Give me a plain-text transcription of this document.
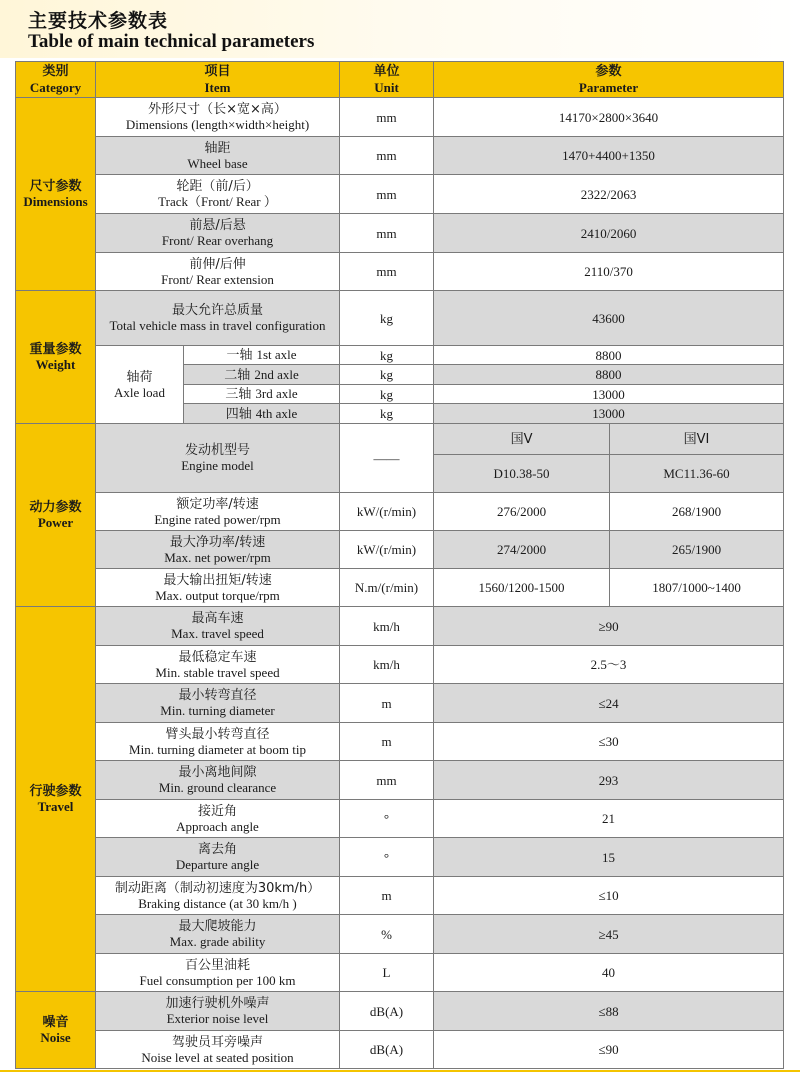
主要技术参数表
Table of main technical parameters
类别
Category	项目
Item		单位
Unit	参数
Parameter	

尺寸参数
Dimensions	外形尺寸（长×宽×高）
Dimensions (length×width×height)		mm	14170×2800×3640	

	轴距
Wheel base		mm	1470+4400+1350	

	轮距（前/后）
Track（Front/ Rear ）		mm	2322/2063	

	前悬/后悬
Front/ Rear overhang		mm	2410/2060	

	前伸/后伸
Front/ Rear extension		mm	2110/370	

重量参数
Weight	最大允许总质量
Total vehicle mass in travel configuration		kg	43600	

	轴荷
Axle load	一轴 1st axle	kg	8800	
		二轴 2nd axle	kg	8800	
		三轴 3rd axle	kg	13000	
		四轴 4th axle	kg	13000	

动力参数
Power	发动机型号
Engine model		——	国V	国VI

				D10.38-50	MC11.36-60

	额定功率/转速
Engine rated power/rpm		kW/(r/min)	276/2000	268/1900

	最大净功率/转速
Max. net power/rpm		kW/(r/min)	274/2000	265/1900

	最大输出扭矩/转速
Max. output torque/rpm		N.m/(r/min)	1560/1200-1500	1807/1000~1400

行驶参数
Travel	最高车速
Max. travel speed		km/h	≥90	

	最低稳定车速
Min. stable travel speed		km/h	2.5～3	

	最小转弯直径
Min. turning diameter		m	≤24	

	臂头最小转弯直径
Min. turning diameter at boom tip		m	≤30	

	最小离地间隙
Min. ground clearance		mm	293	

	接近角
Approach angle		°	21	

	离去角
Departure angle		°	15	

	制动距离（制动初速度为30km/h）
Braking distance (at 30 km/h )		m	≤10	

	最大爬坡能力
Max. grade ability		%	≥45	

	百公里油耗
Fuel consumption per 100 km		L	40	

噪音
Noise	加速行驶机外噪声
Exterior noise level		dB(A)	≤88	

	驾驶员耳旁噪声
Noise level at seated position		dB(A)	≤90	
